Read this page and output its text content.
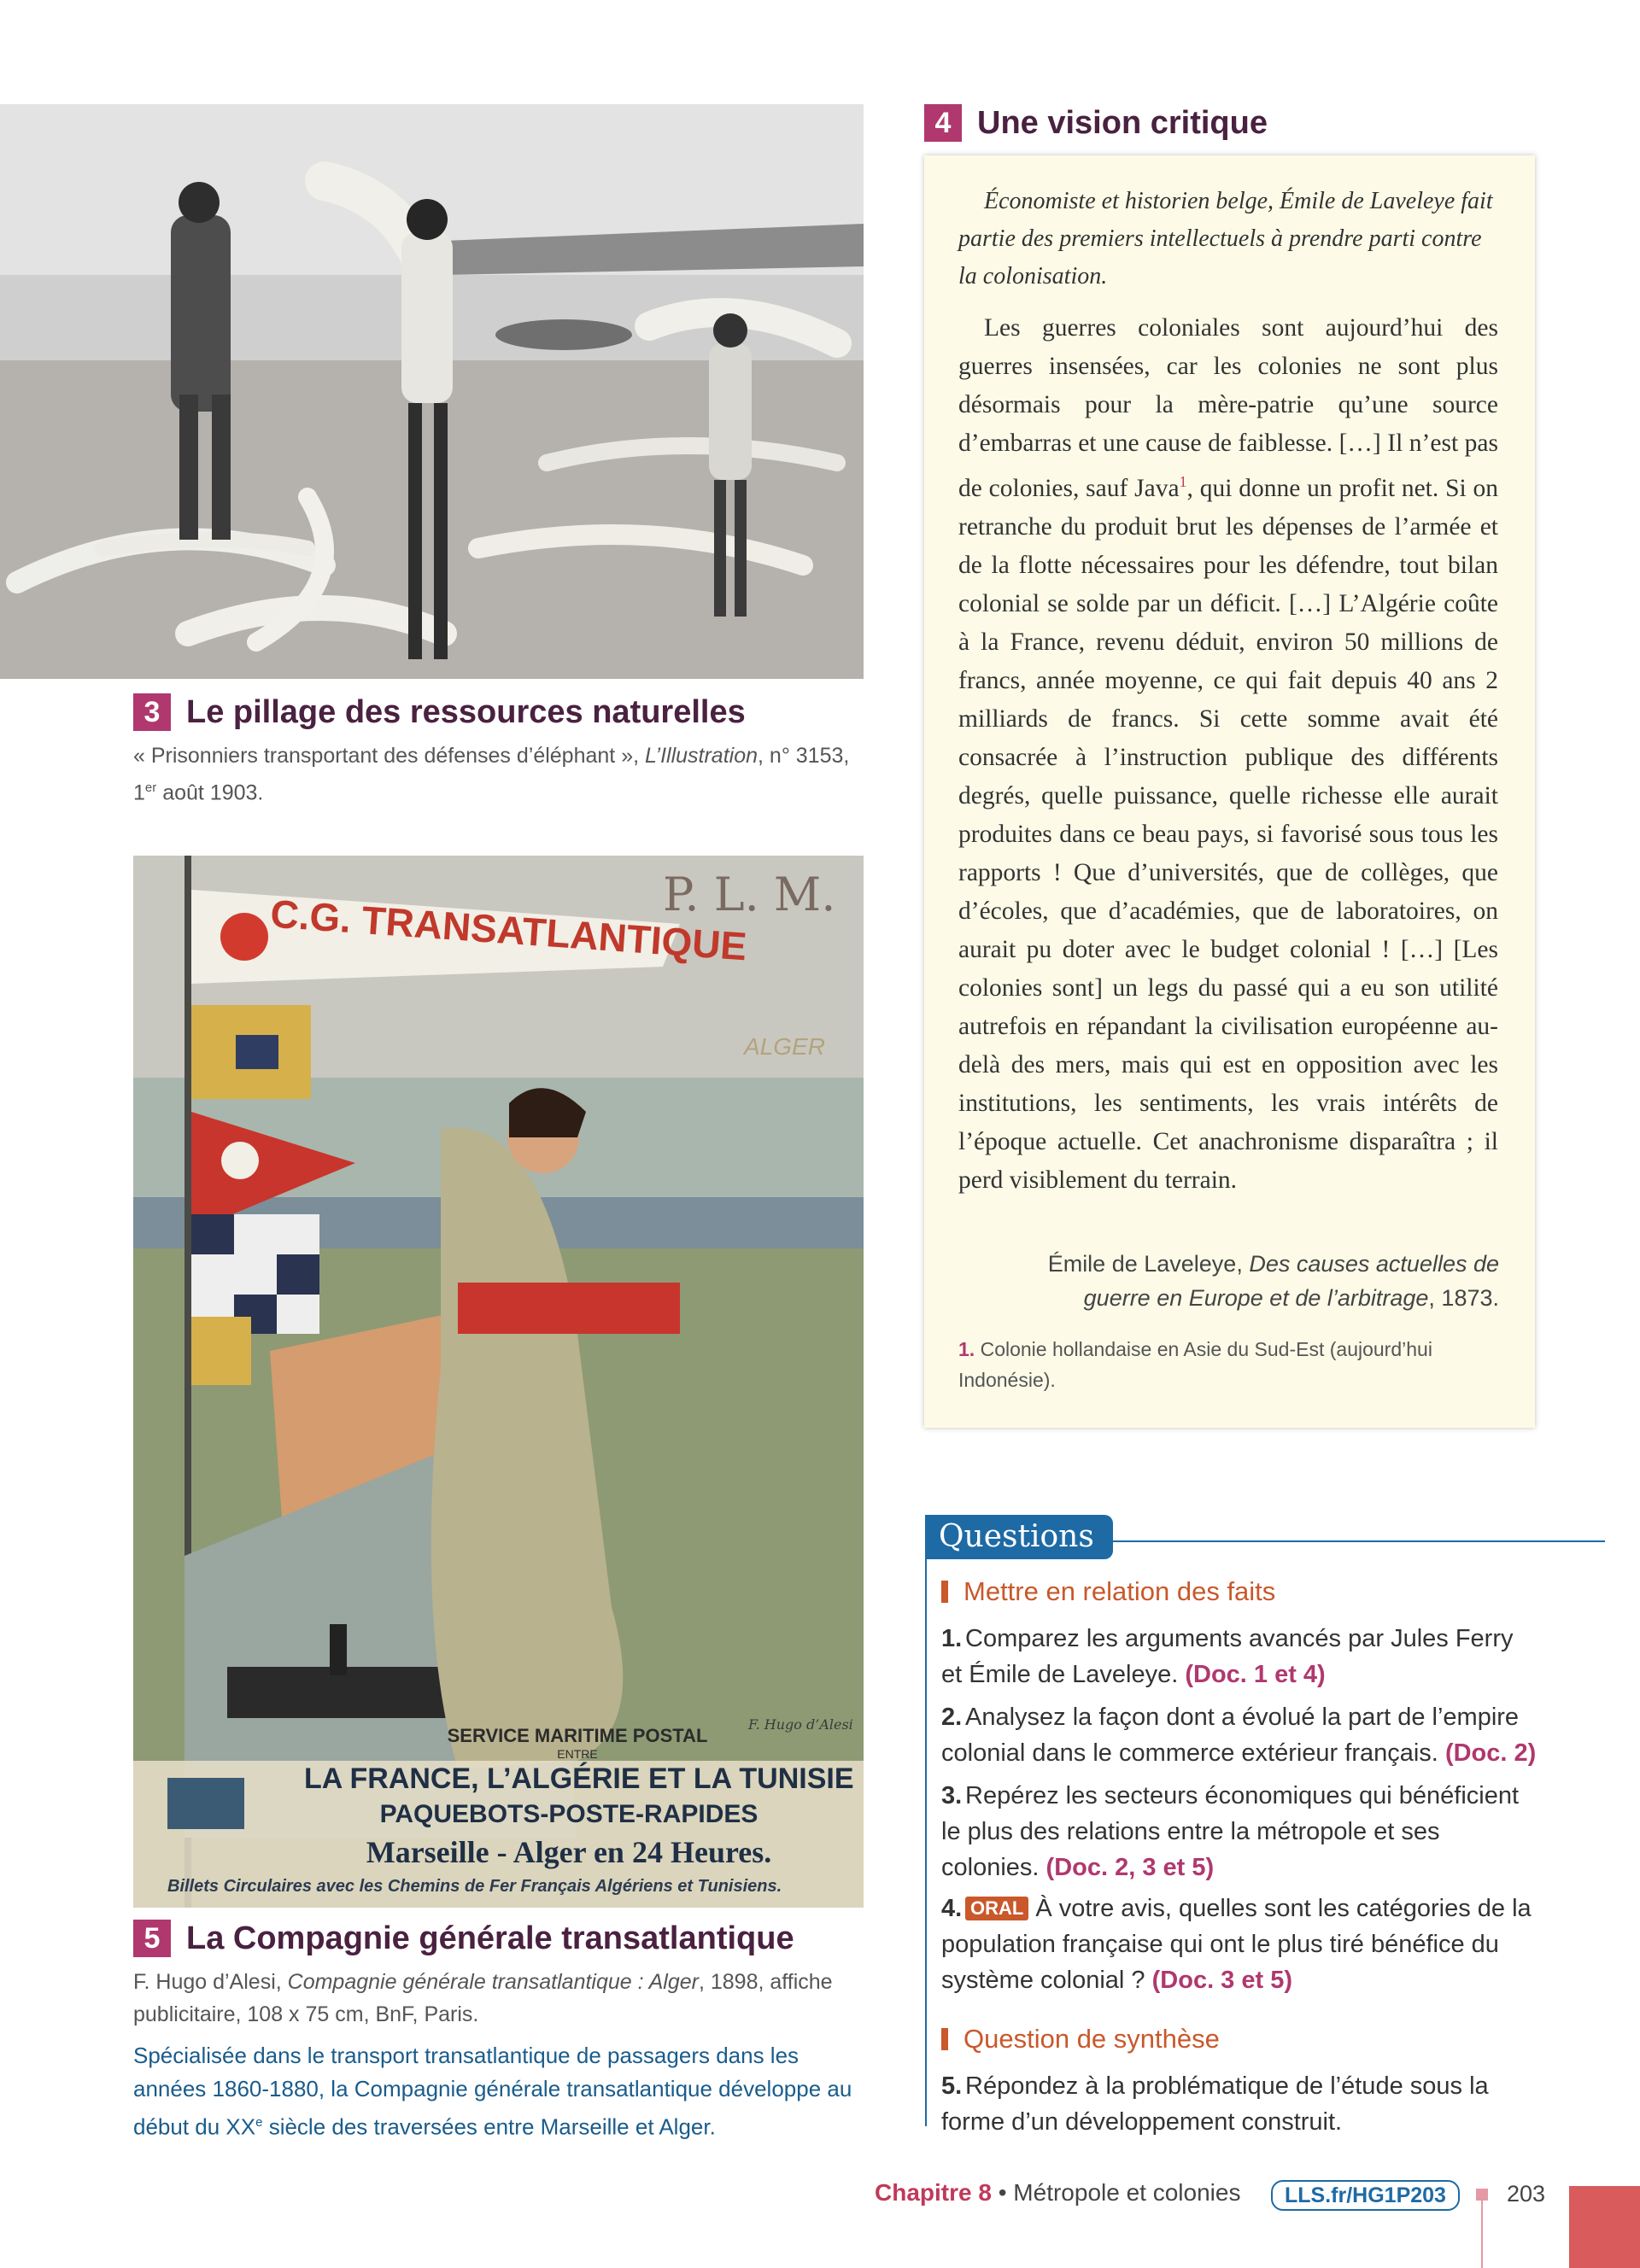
3 Le pillage des ressources naturelles
« Prisonniers transportant des défenses d’éléphant », L’Illustration, n° 3153, 1er août 1903.
P. L. M.
C.G. TRANSATLANTIQUE
ALGER
SERVICE MARITIME POSTAL
ENTRE
LA FRANCE, L’ALGÉRIE ET LA TUNISIE
PAQUEBOTS-POSTE-RAPIDES
Marseille - Alger en 24 Heures.
Billets Circulaires avec les Chemins de Fer Français Algériens et Tunisiens.
F. Hugo d’Alesi
5 La Compagnie générale transatlantique
F. Hugo d’Alesi, Compagnie générale transatlantique : Alger, 1898, affiche publicitaire, 108 x 75 cm, BnF, Paris.
Spécialisée dans le transport transatlantique de passagers dans les années 1860-1880, la Compagnie générale transatlantique développe au début du XXe siècle des traversées entre Marseille et Alger.
4 Une vision critique
Économiste et historien belge, Émile de Laveleye fait partie des premiers intellectuels à prendre parti contre la colonisation.
Les guerres coloniales sont aujourd’hui des guerres insensées, car les colonies ne sont plus désormais pour la mère-patrie qu’une source d’embarras et une cause de faiblesse. […] Il n’est pas de colonies, sauf Java$^1$, qui donne un profit net. Si on retranche du produit brut les dépenses de l’armée et de la flotte nécessaires pour les défendre, tout bilan colonial se solde par un déficit. […] L’Algérie coûte à la France, revenu déduit, environ 50 millions de francs, année moyenne, ce qui fait depuis 40 ans 2 milliards de francs. Si cette somme avait été consacrée à l’instruction publique des différents degrés, quelle puissance, quelle richesse elle aurait produites dans ce beau pays, si favorisé sous tous les rapports ! Que d’universités, que de collèges, que d’écoles, que d’académies, que de laboratoires, on aurait pu doter avec le budget colonial ! […] [Les colonies sont] un legs du passé qui a eu son utilité autrefois en répandant la civilisation européenne au-delà des mers, mais qui est en opposition avec les institutions, les sentiments, les vrais intérêts de l’époque actuelle. Cet anachronisme disparaîtra ; il perd visiblement du terrain.
Émile de Laveleye, Des causes actuelles de guerre en Europe et de l’arbitrage, 1873.
1. Colonie hollandaise en Asie du Sud-Est (aujourd’hui Indonésie).
Questions
Mettre en relation des faits
1. Comparez les arguments avancés par Jules Ferry et Émile de Laveleye. (Doc. 1 et 4)
2. Analysez la façon dont a évolué la part de l’empire colonial dans le commerce extérieur français. (Doc. 2)
3. Repérez les secteurs économiques qui bénéficient le plus des relations entre la métropole et ses colonies. (Doc. 2, 3 et 5)
4. ORAL À votre avis, quelles sont les catégories de la population française qui ont le plus tiré bénéfice du système colonial ? (Doc. 3 et 5)
Question de synthèse
5. Répondez à la problématique de l’étude sous la forme d’un développement construit.
Chapitre 8 • Métropole et colonies	LLS.fr/HG1P203	203
